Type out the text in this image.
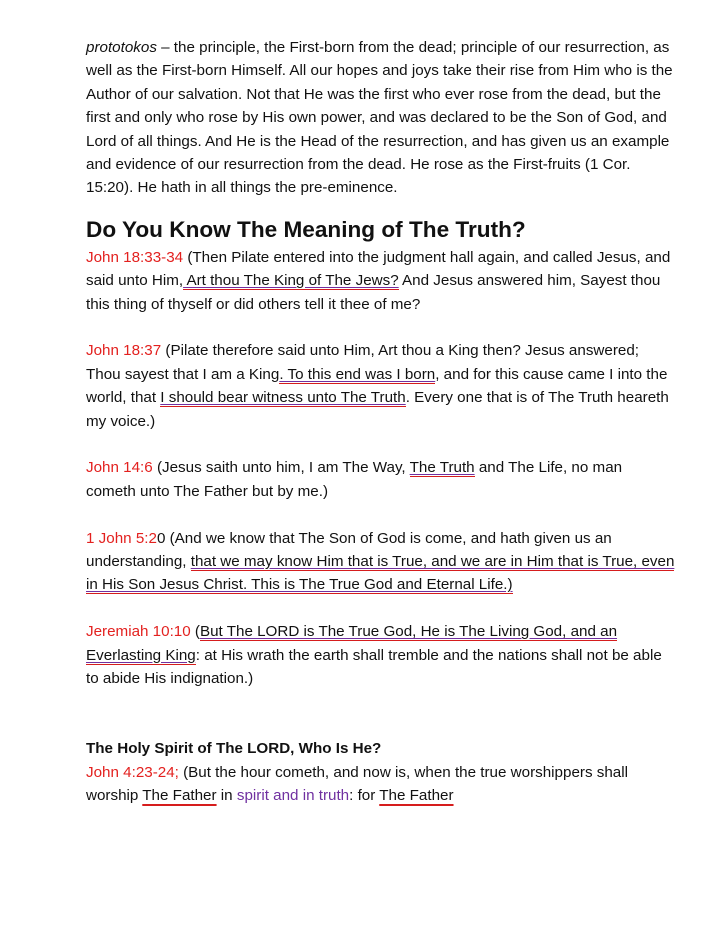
prototokos – the principle, the First-born from the dead; principle of our resurrection, as well as the First-born Himself. All our hopes and joys take their rise from Him who is the Author of our salvation. Not that He was the first who ever rose from the dead, but the first and only who rose by His own power, and was declared to be the Son of God, and Lord of all things. And He is the Head of the resurrection, and has given us an example and evidence of our resurrection from the dead. He rose as the First-fruits (1 Cor. 15:20). He hath in all things the pre-eminence.

Do You Know The Meaning of The Truth?

John 18:33-34 (Then Pilate entered into the judgment hall again, and called Jesus, and said unto Him, Art thou The King of The Jews? And Jesus answered him, Sayest thou this thing of thyself or did others tell it thee of me?

John 18:37 (Pilate therefore said unto Him, Art thou a King then? Jesus answered; Thou sayest that I am a King. To this end was I born, and for this cause came I into the world, that I should bear witness unto The Truth. Every one that is of The Truth heareth my voice.)

John 14:6 (Jesus saith unto him, I am The Way, The Truth and The Life, no man cometh unto The Father but by me.)

1 John 5:20 (And we know that The Son of God is come, and hath given us an understanding, that we may know Him that is True, and we are in Him that is True, even in His Son Jesus Christ. This is The True God and Eternal Life.)

Jeremiah 10:10 (But The LORD is The True God, He is The Living God, and an Everlasting King: at His wrath the earth shall tremble and the nations shall not be able to abide His indignation.)

The Holy Spirit of The LORD, Who Is He?

John 4:23-24; (But the hour cometh, and now is, when the true worshippers shall worship The Father in spirit and in truth: for The Father
